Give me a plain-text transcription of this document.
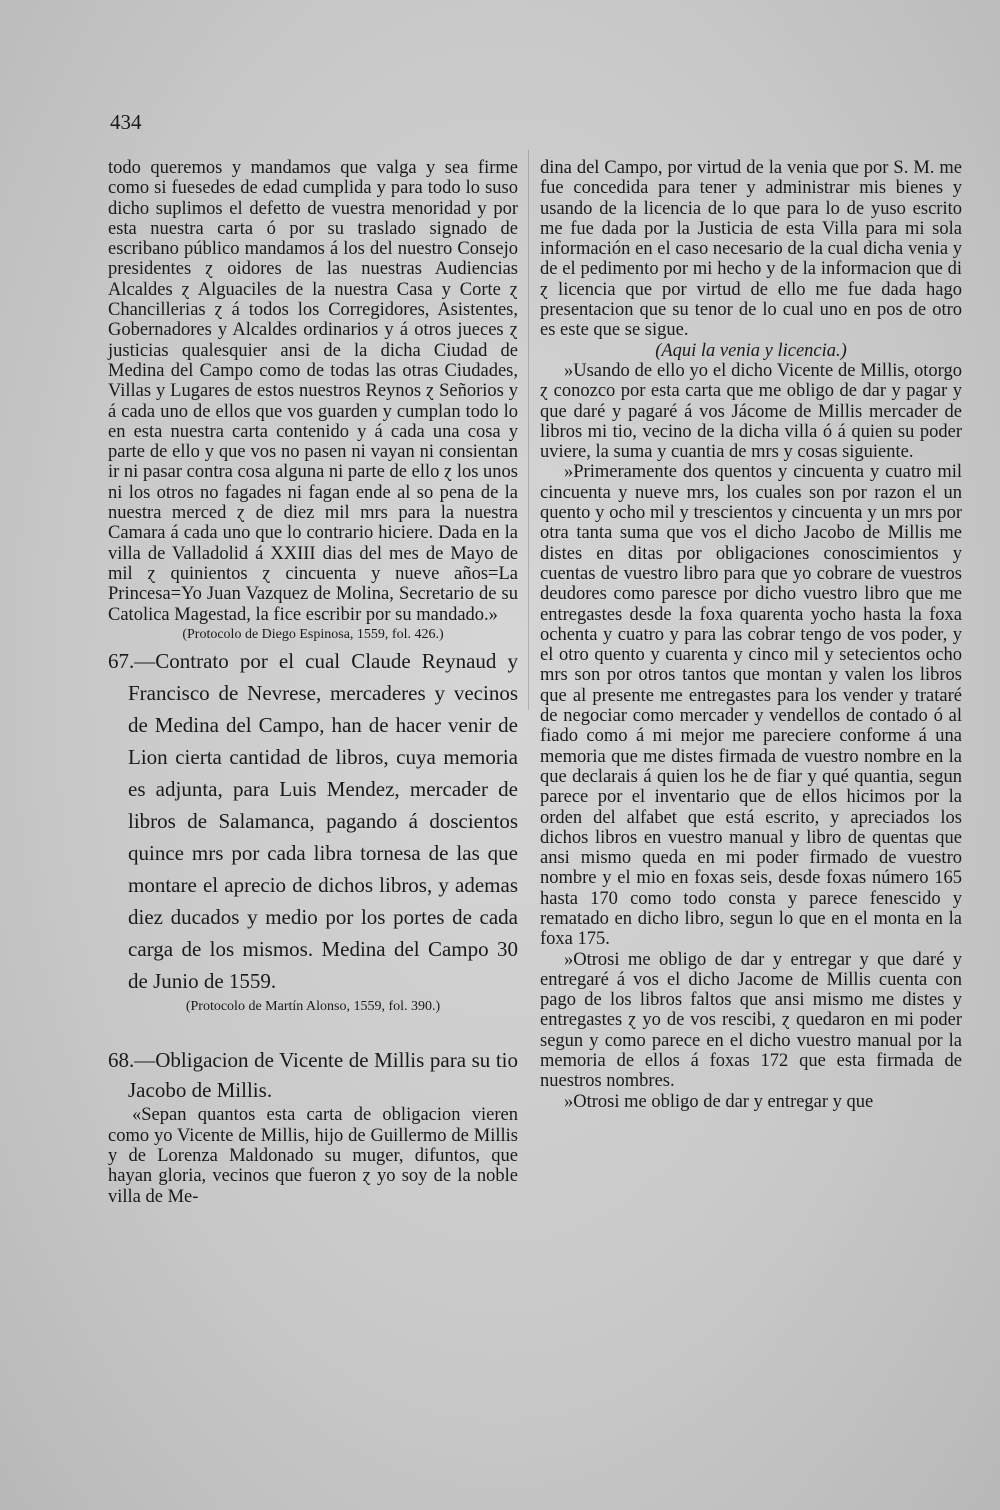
434

todo queremos y mandamos que valga y sea firme como si fuesedes de edad cumplida y para todo lo suso dicho suplimos el defetto de vuestra menoridad y por esta nuestra carta ó por su traslado signado de escribano público mandamos á los del nuestro Consejo presidentes ɀ oidores de las nuestras Audiencias Alcaldes ɀ Alguaciles de la nuestra Casa y Corte ɀ Chancillerias ɀ á todos los Corregidores, Asistentes, Gobernadores y Alcaldes ordinarios y á otros jueces ɀ justicias qualesquier ansi de la dicha Ciudad de Medina del Campo como de todas las otras Ciudades, Villas y Lugares de estos nuestros Reynos ɀ Señorios y á cada uno de ellos que vos guarden y cumplan todo lo en esta nuestra carta contenido y á cada una cosa y parte de ello y que vos no pasen ni vayan ni consientan ir ni pasar contra cosa alguna ni parte de ello ɀ los unos ni los otros no fagades ni fagan ende al so pena de la nuestra merced ɀ de diez mil mrs para la nuestra Camara á cada uno que lo contrario hiciere. Dada en la villa de Valladolid á XXIII dias del mes de Mayo de mil ɀ quinientos ɀ cincuenta y nueve años=La Princesa=Yo Juan Vazquez de Molina, Secretario de su Catolica Magestad, la fice escribir por su mandado.»

(Protocolo de Diego Espinosa, 1559, fol. 426.)

67.—Contrato por el cual Claude Reynaud y Francisco de Nevrese, mercaderes y vecinos de Medina del Campo, han de hacer venir de Lion cierta cantidad de libros, cuya memoria es adjunta, para Luis Mendez, mercader de libros de Salamanca, pagando á doscientos quince mrs por cada libra tornesa de las que montare el aprecio de dichos libros, y ademas diez ducados y medio por los portes de cada carga de los mismos. Medina del Campo 30 de Junio de 1559.

(Protocolo de Martín Alonso, 1559, fol. 390.)

68.—Obligacion de Vicente de Millis para su tio Jacobo de Millis.

«Sepan quantos esta carta de obligacion vieren como yo Vicente de Millis, hijo de Guillermo de Millis y de Lorenza Maldonado su muger, difuntos, que hayan gloria, vecinos que fueron ɀ yo soy de la noble villa de Me-

dina del Campo, por virtud de la venia que por S. M. me fue concedida para tener y administrar mis bienes y usando de la licencia de lo que para lo de yuso escrito me fue dada por la Justicia de esta Villa para mi sola información en el caso necesario de la cual dicha venia y de el pedimento por mi hecho y de la informacion que di ɀ licencia que por virtud de ello me fue dada hago presentacion que su tenor de lo cual uno en pos de otro es este que se sigue.

(Aqui la venia y licencia.)

»Usando de ello yo el dicho Vicente de Millis, otorgo ɀ conozco por esta carta que me obligo de dar y pagar y que daré y pagaré á vos Jácome de Millis mercader de libros mi tio, vecino de la dicha villa ó á quien su poder uviere, la suma y cuantia de mrs y cosas siguiente.

»Primeramente dos quentos y cincuenta y cuatro mil cincuenta y nueve mrs, los cuales son por razon el un quento y ocho mil y trescientos y cincuenta y un mrs por otra tanta suma que vos el dicho Jacobo de Millis me distes en ditas por obligaciones conoscimientos y cuentas de vuestro libro para que yo cobrare de vuestros deudores como paresce por dicho vuestro libro que me entregastes desde la foxa quarenta yocho hasta la foxa ochenta y cuatro y para las cobrar tengo de vos poder, y el otro quento y cuarenta y cinco mil y setecientos ocho mrs son por otros tantos que montan y valen los libros que al presente me entregastes para los vender y trataré de negociar como mercader y vendellos de contado ó al fiado como á mi mejor me pareciere conforme á una memoria que me distes firmada de vuestro nombre en la que declarais á quien los he de fiar y qué quantia, segun parece por el inventario que de ellos hicimos por la orden del alfabet que está escrito, y apreciados los dichos libros en vuestro manual y libro de quentas que ansi mismo queda en mi poder firmado de vuestro nombre y el mio en foxas seis, desde foxas número 165 hasta 170 como todo consta y parece fenescido y rematado en dicho libro, segun lo que en el monta en la foxa 175.

»Otrosi me obligo de dar y entregar y que daré y entregaré á vos el dicho Jacome de Millis cuenta con pago de los libros faltos que ansi mismo me distes y entregastes ɀ yo de vos rescibi, ɀ quedaron en mi poder segun y como parece en el dicho vuestro manual por la memoria de ellos á foxas 172 que esta firmada de nuestros nombres.

»Otrosi me obligo de dar y entregar y que
